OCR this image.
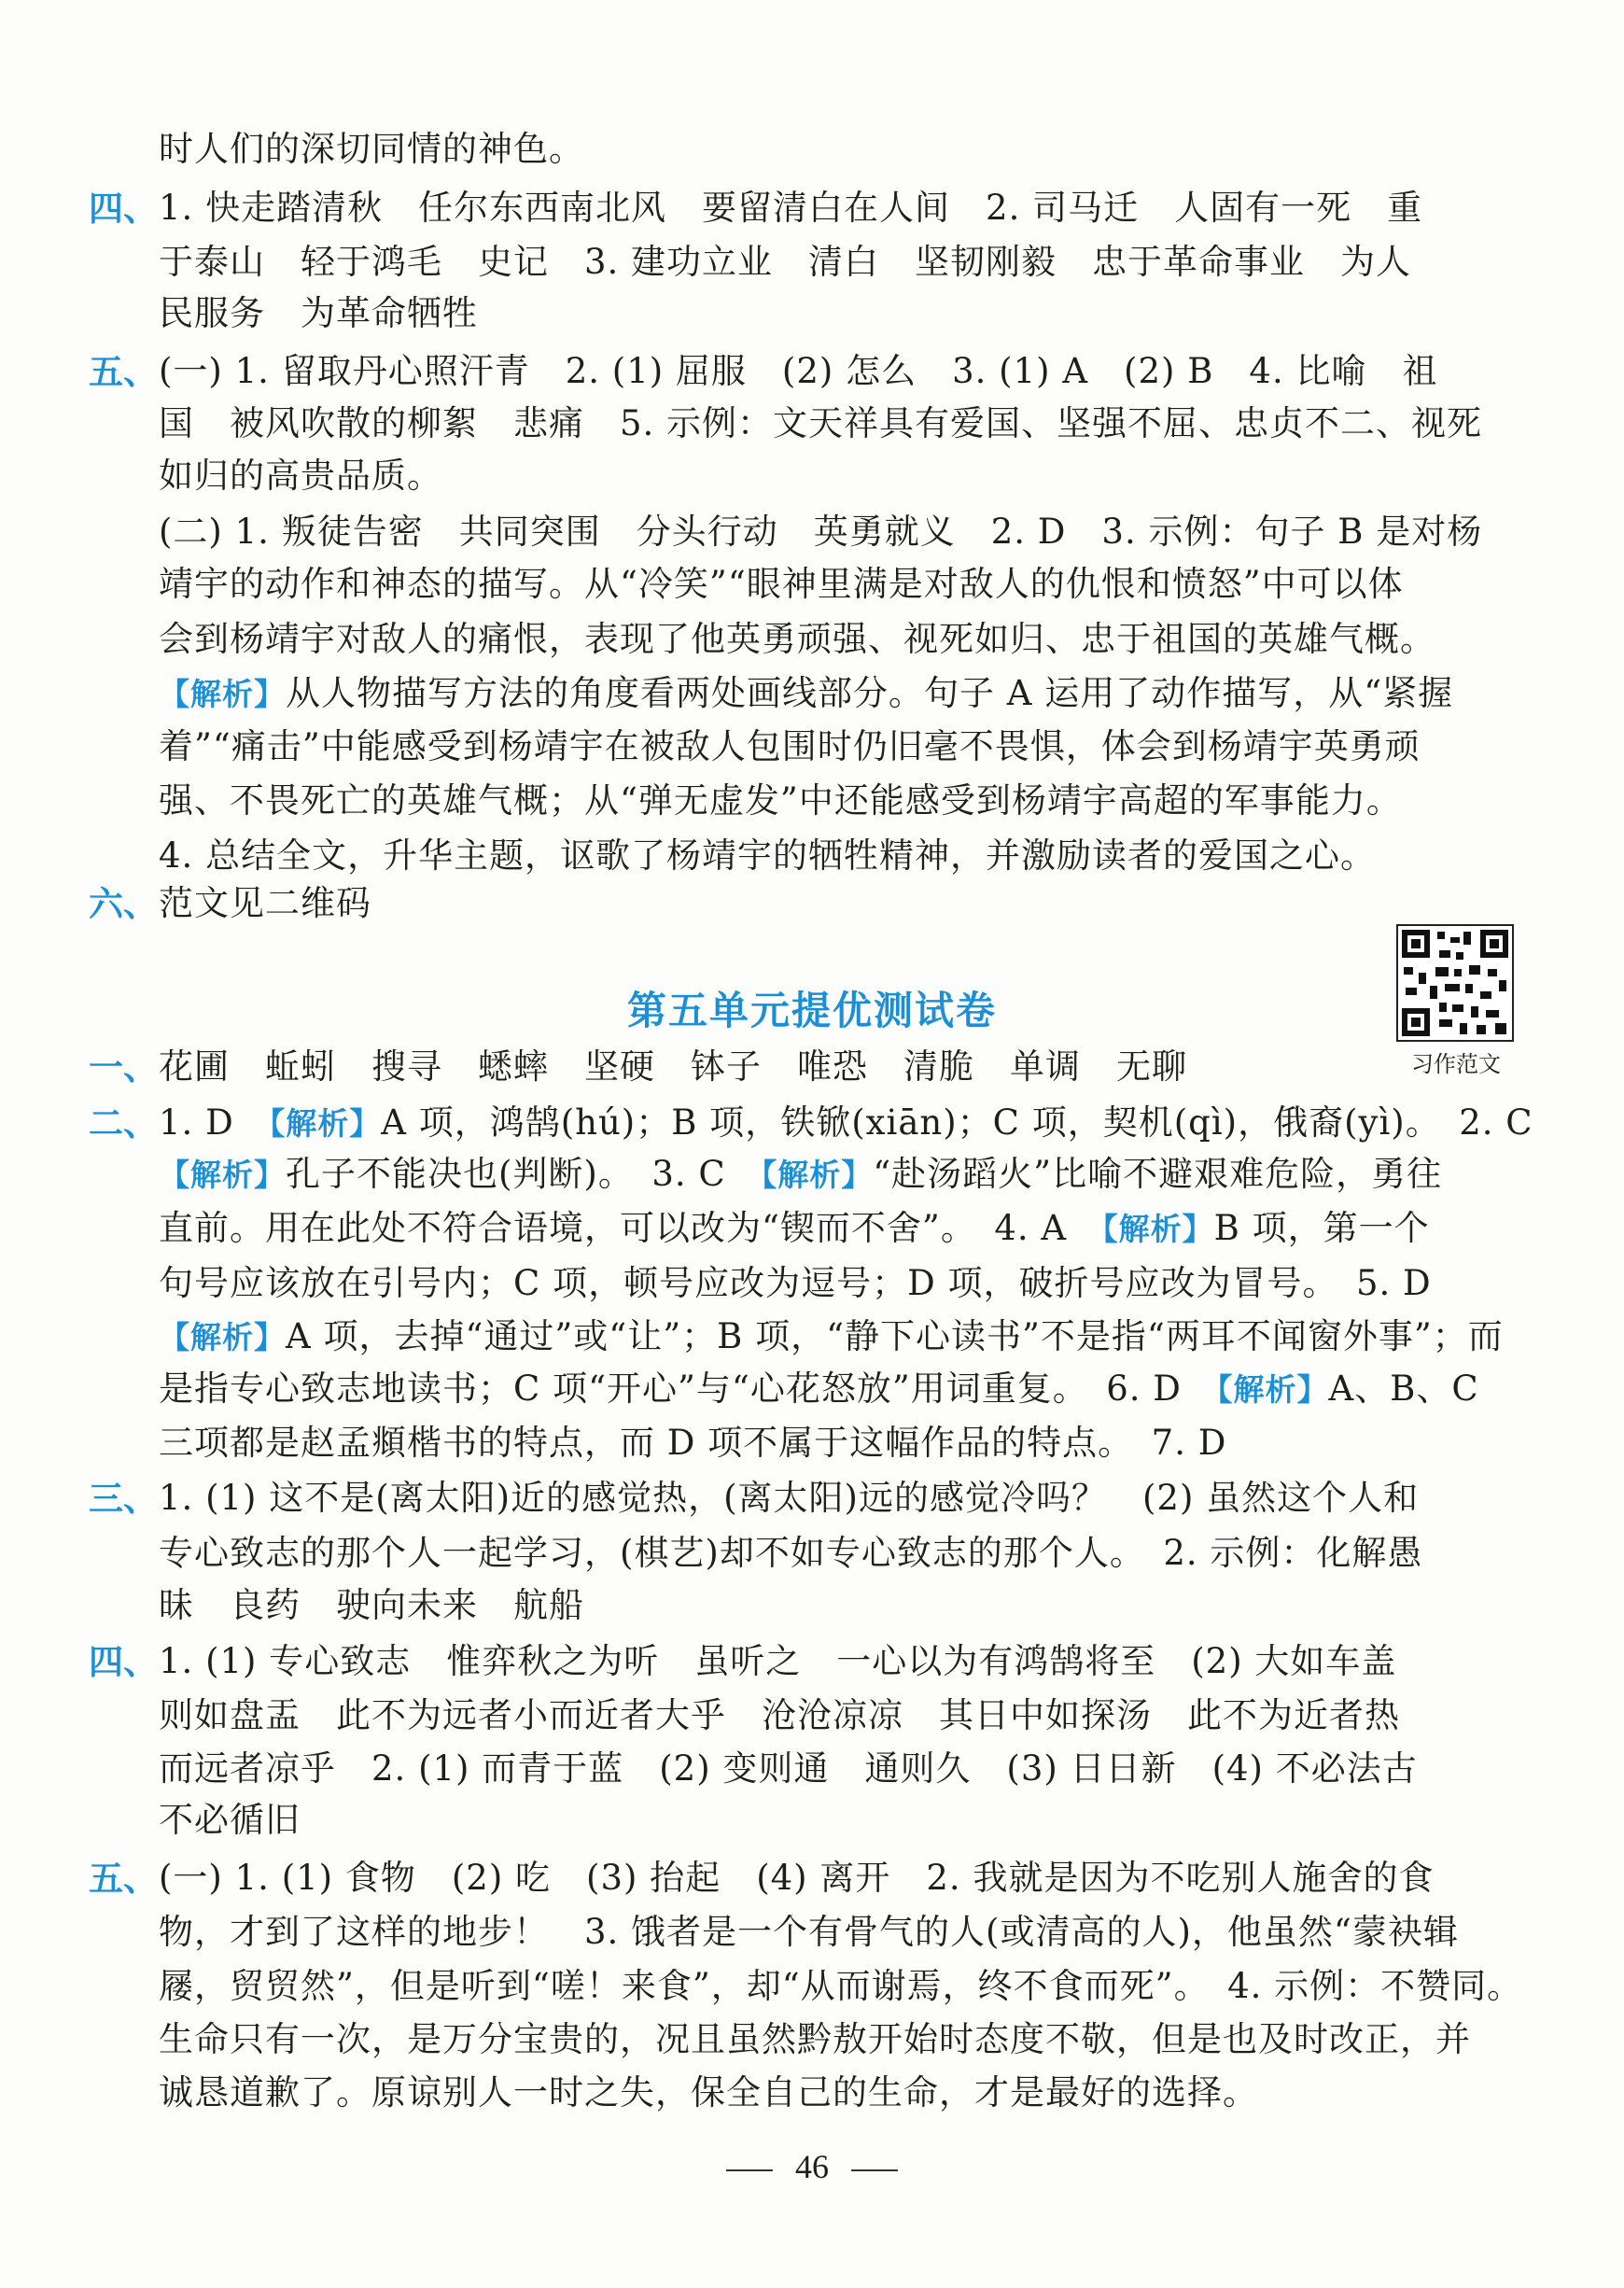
时人们的深切同情的神色。
四、 1. 快走踏清秋　任尔东西南北风　要留清白在人间　2. 司马迁　人固有一死　重
于泰山　轻于鸿毛　史记　3. 建功立业　清白　坚韧刚毅　忠于革命事业　为人
民服务　为革命牺牲
五、 (一) 1. 留取丹心照汗青　2. (1) 屈服　(2) 怎么　3. (1) A　(2) B　4. 比喻　祖
国　被风吹散的柳絮　悲痛　5. 示例：文天祥具有爱国、坚强不屈、忠贞不二、视死
如归的高贵品质。
(二) 1. 叛徒告密　共同突围　分头行动　英勇就义　2. D　3. 示例：句子 B 是对杨
靖宇的动作和神态的描写。从“冷笑”“眼神里满是对敌人的仇恨和愤怒”中可以体
会到杨靖宇对敌人的痛恨，表现了他英勇顽强、视死如归、忠于祖国的英雄气概。
【解析】从人物描写方法的角度看两处画线部分。句子 A 运用了动作描写，从“紧握
着”“痛击”中能感受到杨靖宇在被敌人包围时仍旧毫不畏惧，体会到杨靖宇英勇顽
强、不畏死亡的英雄气概；从“弹无虚发”中还能感受到杨靖宇高超的军事能力。
4. 总结全文，升华主题，讴歌了杨靖宇的牺牲精神，并激励读者的爱国之心。
六、 范文见二维码
一、 花圃　蚯蚓　搜寻　蟋蟀　坚硬　钵子　唯恐　清脆　单调　无聊
二、 1. D　【解析】A 项，鸿鹄(hú)；B 项，铁锨(xiān)；C 项，契机(qì)，俄裔(yì)。　2. C
【解析】孔子不能决也(判断)。　3. C　【解析】“赴汤蹈火”比喻不避艰难危险，勇往
直前。用在此处不符合语境，可以改为“锲而不舍”。　4. A　【解析】B 项，第一个
句号应该放在引号内；C 项，顿号应改为逗号；D 项，破折号应改为冒号。　5. D
【解析】A 项，去掉“通过”或“让”；B 项，“静下心读书”不是指“两耳不闻窗外事”；而
是指专心致志地读书；C 项“开心”与“心花怒放”用词重复。　6. D　【解析】A、B、C
三项都是赵孟頫楷书的特点，而 D 项不属于这幅作品的特点。　7. D
三、 1. (1) 这不是(离太阳)近的感觉热，(离太阳)远的感觉冷吗？　(2) 虽然这个人和
专心致志的那个人一起学习，(棋艺)却不如专心致志的那个人。　2. 示例：化解愚
昧　良药　驶向未来　航船
四、 1. (1) 专心致志　惟弈秋之为听　虽听之　一心以为有鸿鹄将至　(2) 大如车盖
则如盘盂　此不为远者小而近者大乎　沧沧凉凉　其日中如探汤　此不为近者热
而远者凉乎　2. (1) 而青于蓝　(2) 变则通　通则久　(3) 日日新　(4) 不必法古
不必循旧
五、 (一) 1. (1) 食物　(2) 吃　(3) 抬起　(4) 离开　2. 我就是因为不吃别人施舍的食
物，才到了这样的地步！　3. 饿者是一个有骨气的人(或清高的人)，他虽然“蒙袂辑
屦，贸贸然”，但是听到“嗟！来食”，却“从而谢焉，终不食而死”。　4. 示例：不赞同。
生命只有一次，是万分宝贵的，况且虽然黔敖开始时态度不敬，但是也及时改正，并
诚恳道歉了。原谅别人一时之失，保全自己的生命，才是最好的选择。
第五单元提优测试卷
习作范文
46
